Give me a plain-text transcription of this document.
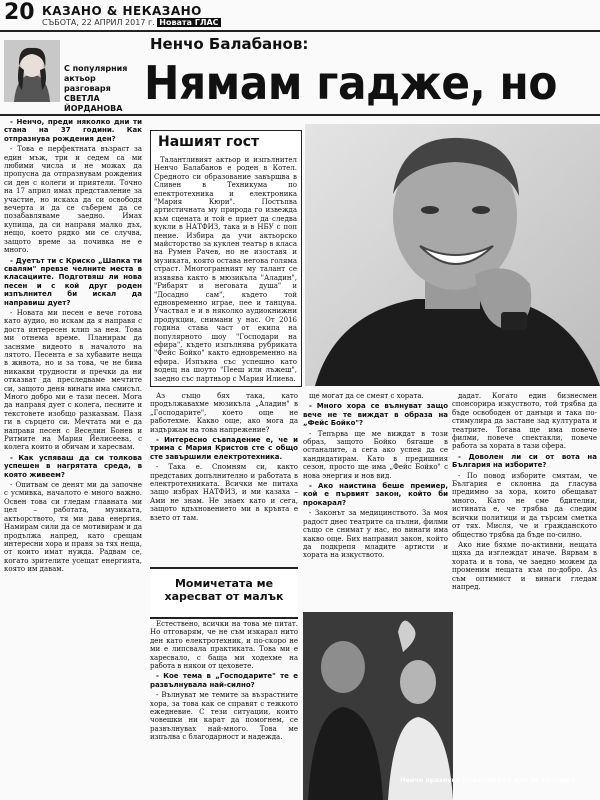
20 КАЗАНО & НЕКАЗАНО
СЪБОТА, 22 АПРИЛ 2017 г. Новата ГЛАС
С популярния
актьор
разговаря
СВЕТЛА
ЙОРДАНОВА
Ненчо Балабанов:
Нямам гадже, но

- Ненчо, преди няколко дни ти стана на 37 години. Как отпразнува рождения ден?

- Това е перфектната възраст за един мъж, три и седем са ми любими числа и не можах да пропусна да отпразнувам рождения си ден с колеги и приятели. Точно на 17 април имах представление за участие, но искаха да си освободя вечерта и да се съберем да се позабавляваме заедно. Имах купища, да си направя малко дъх, нещо, което рядко ми се случва, защото време за почивка не е много.

- Дуетът ти с Криско „Шапка ти свалям" превзе челните места в класациите. Подготвяш ли нова песен и с кой друг роден изпълнител би искал да направиш дует?

- Новата ми песен е вече готова като аудио, но искам да я направя с доста интересен клип за нея. Това ми отнема време. Планирам да засняме видеото в началото на лятото. Песента е за хубавите неща в живота, но и за това, че не бива никакви трудности и пречки да ни отказват да преследваме мечтите си, защото деня винаги има смисъл. Много добро ми е тази песен. Мога да направя дует с колега, песните и текстовете изобщо разказвам. Пазя ги в сърцето си. Мечтата ми е да направя песен с Веселин Бонев и Ритмите на Мария Йелисеева, с колега които и обичам и харесвам.

- Как успяваш да си толкова успешен в нагрятата среда, в която живеем?

- Опитвам се денят ми да започне с усмивка, началото е много важно. Освен това си гледам главната ми цел – работата, музиката, актьорството, тя ми дава енергия. Намирам сили да се мотивирам и да продължа напред, като срещам интересни хора и правя за тях неща, от които имат нужда. Радвам се, когато зрителите усещат енергията, която им давам.

Нашият гост

Талантливият актьор и изпълнител Ненчо Балабанов е роден в Котел. Средното си образование завършва в Сливен в Техникума по електротехника и електроника "Мария Кюри". Постъпва артистичната му природа го извежда към сцената и той е приет да следва кукли в НАТФИЗ, така и в НБУ с поп пение. Избира да учи актьорско майсторство за куклен театър в класа на Румен Рачев, но не изоставя и музиката, която остава негова голяма страст. Многогранният му талант се изявява както в мюзикъла "Аладин", "Рибарят и неговата душа" и "Досадно сам", където той едновременно играе, пее и танцува. Участвал е и в няколко аудиокнижни продукции, снимани у нас. От 2016 година става част от екипа на популярното шоу "Господари на ефира", където изпълнява рубриката "Фейс Бойко" както едновременно на ефира. Изпъкна със успешно като водещ на шоуто "Пееш или лъжеш", заедно със партньор с Мария Илиева.

Аз също бях така, като продължавахме мюзикъла „Аладин" в „Господарите", което още не работехме. Какво още, ако мога да издържам на това напрежение?

- Интересно съвпадение е, че и трима с Мария Кристов сте с общо сте завършили електротехника.

- Така е. Спомням си, както представих допълнително и работата в електротехниката. Всички ме питаха защо избрах НАТФИЗ, и ми казаха – Ами не знам. Не знаех като и сега, защото вдъхновението ми в кръвта е взето от там.

Момичетата ме харесват от малък

Естествено, всички на това ме питат. Но отговарям, че не съм изкарал нито ден като електротехник, и по-скоро не ми е липсвала практиката. Това ми е харесвало, с баща ми ходехме на работа в някои от цеховете.

- Кое тема в „Господарите" те е развълнувала най-силно?

- Вълнуват ме темите за възрастните хора, за това как се справят с тежкото ежедневие. С тези ситуации, които човешки ни карат да помогнем, се развълнувах най-много. Това ме изпълва с благодарност и надежда.

ще могат да се смеят с хората.

- Много хора се вълнуват защо вече не те виждат в образа на „Фейс Бойко"?

- Тепърва ще ме виждат в този образ, защото Бойко бягаше в останалите, а сега ако успея да се кандидатирам. Като в предишния сезон, просто ще има „Фейс Бойко" с нова энергия и нов вид.

- Ако наистина беше премиер, кой е първият закон, който би прокарал?

- Законът за медицинството. За моя радост днес театрите са пълни, филми също се снимат у нас, но винаги има какво още. Бих направил закон, който да подкрепя младите артисти и хората на изкуството.

дадат. Когато един бизнесмен спонсорира изкуството, той трябва да бъде освободен от данъци и така по-стимулира да застане зад културата и театрите. Тогава ще има повече филми, повече спектакли, повече работа за хората в тази сфера.

- Доволен ли си от вота на България на изборите?

- По повод изборите смятам, че България е склонна да гласува предимно за хора, които обещават много. Като не сме бдителни, истината е, че трябва да следим всички политици и да търсим сметка от тях. Мисля, че и гражданското общество трябва да бъде по-силно.

Ако ние бяхме по-активни, нещата щяха да изглеждат иначе. Вярвам в хората и в това, че заедно можем да променим нещата към по-добро. Аз съм оптимист и винаги гледам напред.

Ненчо празнува рождения си ден на 17 април
